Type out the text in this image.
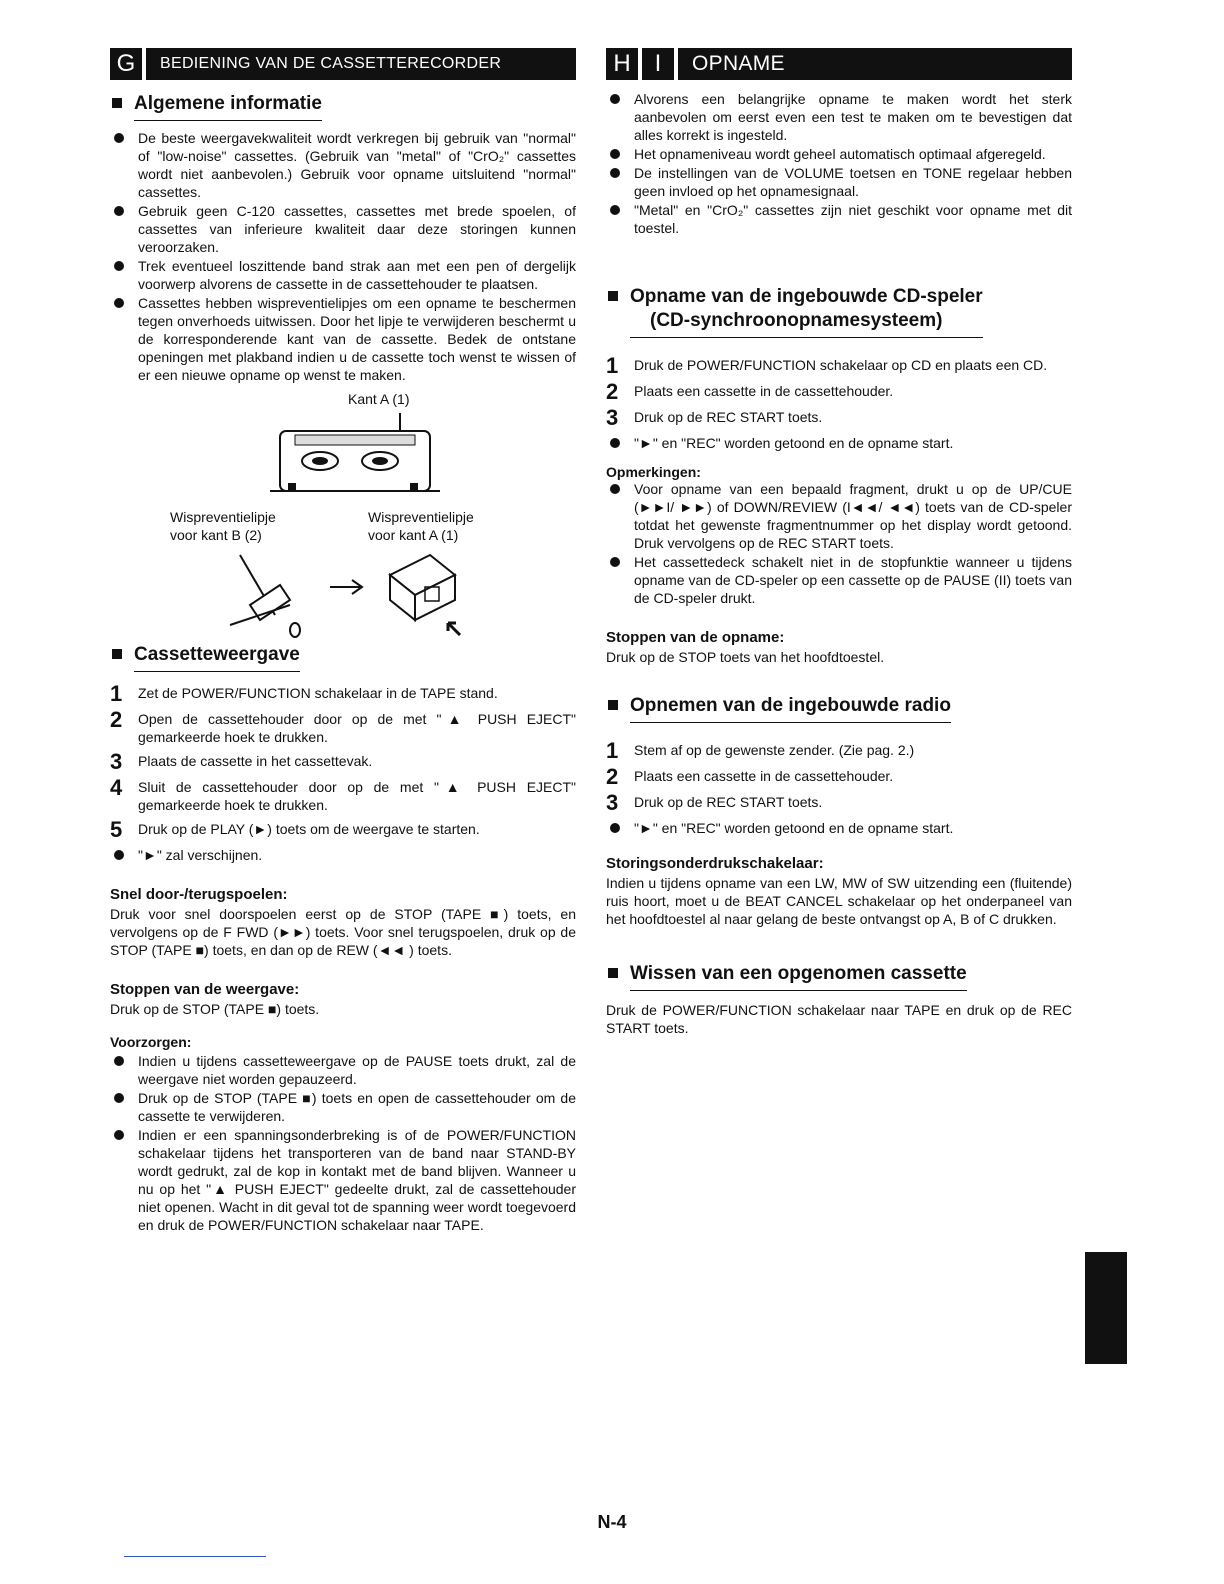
G	BEDIENING VAN DE CASSETTERECORDER
Algemene informatie
De beste weergavekwaliteit wordt verkregen bij gebruik van "normal" of "low-noise" cassettes. (Gebruik van "metal" of "CrO₂" cassettes wordt niet aanbevolen.) Gebruik voor opname uitsluitend "normal" cassettes.
Gebruik geen C-120 cassettes, cassettes met brede spoelen, of cassettes van inferieure kwaliteit daar deze storingen kunnen veroorzaken.
Trek eventueel loszittende band strak aan met een pen of dergelijk voorwerp alvorens de cassette in de cassettehouder te plaatsen.
Cassettes hebben wispreventielipjes om een opname te beschermen tegen onverhoeds uitwissen. Door het lipje te verwijderen beschermt u de korresponderende kant van de cassette. Bedek de ontstane openingen met plakband indien u de cassette toch wenst te wissen of er een nieuwe opname op wenst te maken.
Kant A (1)
Wispreventielipje
voor kant B (2)
Wispreventielipje
voor kant A (1)
Cassetteweergave
1	Zet de POWER/FUNCTION schakelaar in de TAPE stand.
2	Open de cassettehouder door op de met "▲ PUSH EJECT" gemarkeerde hoek te drukken.
3	Plaats de cassette in het cassettevak.
4	Sluit de cassettehouder door op de met "▲ PUSH EJECT" gemarkeerde hoek te drukken.
5	Druk op de PLAY (►) toets om de weergave te starten.
"►" zal verschijnen.
Snel door-/terugspoelen:

Druk voor snel doorspoelen eerst op de STOP (TAPE ■) toets, en vervolgens op de F FWD (►►) toets. Voor snel terugspoelen, druk op de STOP (TAPE ■) toets, en dan op de REW (◄◄ ) toets.

Stoppen van de weergave:

Druk op de STOP (TAPE ■) toets.

Voorzorgen:
Indien u tijdens cassetteweergave op de PAUSE toets drukt, zal de weergave niet worden gepauzeerd.
Druk op de STOP (TAPE ■) toets en open de cassettehouder om de cassette te verwijderen.
Indien er een spanningsonderbreking is of de POWER/FUNCTION schakelaar tijdens het transporteren van de band naar STAND-BY wordt gedrukt, zal de kop in kontakt met de band blijven. Wanneer u nu op het "▲ PUSH EJECT" gedeelte drukt, zal de cassettehouder niet openen. Wacht in dit geval tot de spanning weer wordt toegevoerd en druk de POWER/FUNCTION schakelaar naar TAPE.
H I	OPNAME
Alvorens een belangrijke opname te maken wordt het sterk aanbevolen om eerst even een test te maken om te bevestigen dat alles korrekt is ingesteld.
Het opnameniveau wordt geheel automatisch optimaal afgeregeld.
De instellingen van de VOLUME toetsen en TONE regelaar hebben geen invloed op het opnamesignaal.
"Metal" en "CrO₂" cassettes zijn niet geschikt voor opname met dit toestel.
Opname van de ingebouwde CD-speler
(CD-synchroonopnamesysteem)
1	Druk de POWER/FUNCTION schakelaar op CD en plaats een CD.
2	Plaats een cassette in de cassettehouder.
3	Druk op de REC START toets.
"►" en "REC" worden getoond en de opname start.
Opmerkingen:
Voor opname van een bepaald fragment, drukt u op de UP/CUE (►►I/ ►►) of DOWN/REVIEW (I◄◄/ ◄◄) toets van de CD-speler totdat het gewenste fragmentnummer op het display wordt getoond. Druk vervolgens op de REC START toets.
Het cassettedeck schakelt niet in de stopfunktie wanneer u tijdens opname van de CD-speler op een cassette op de PAUSE (II) toets van de CD-speler drukt.
Stoppen van de opname:

Druk op de STOP toets van het hoofdtoestel.

Opnemen van de ingebouwde radio
1	Stem af op de gewenste zender. (Zie pag. 2.)
2	Plaats een cassette in de cassettehouder.
3	Druk op de REC START toets.
"►" en "REC" worden getoond en de opname start.
Storingsonderdrukschakelaar:

Indien u tijdens opname van een LW, MW of SW uitzending een (fluitende) ruis hoort, moet u de BEAT CANCEL schakelaar op het onderpaneel van het hoofdtoestel al naar gelang de beste ontvangst op A, B of C drukken.

Wissen van een opgenomen cassette

Druk de POWER/FUNCTION schakelaar naar TAPE en druk op de REC START toets.

N-4
